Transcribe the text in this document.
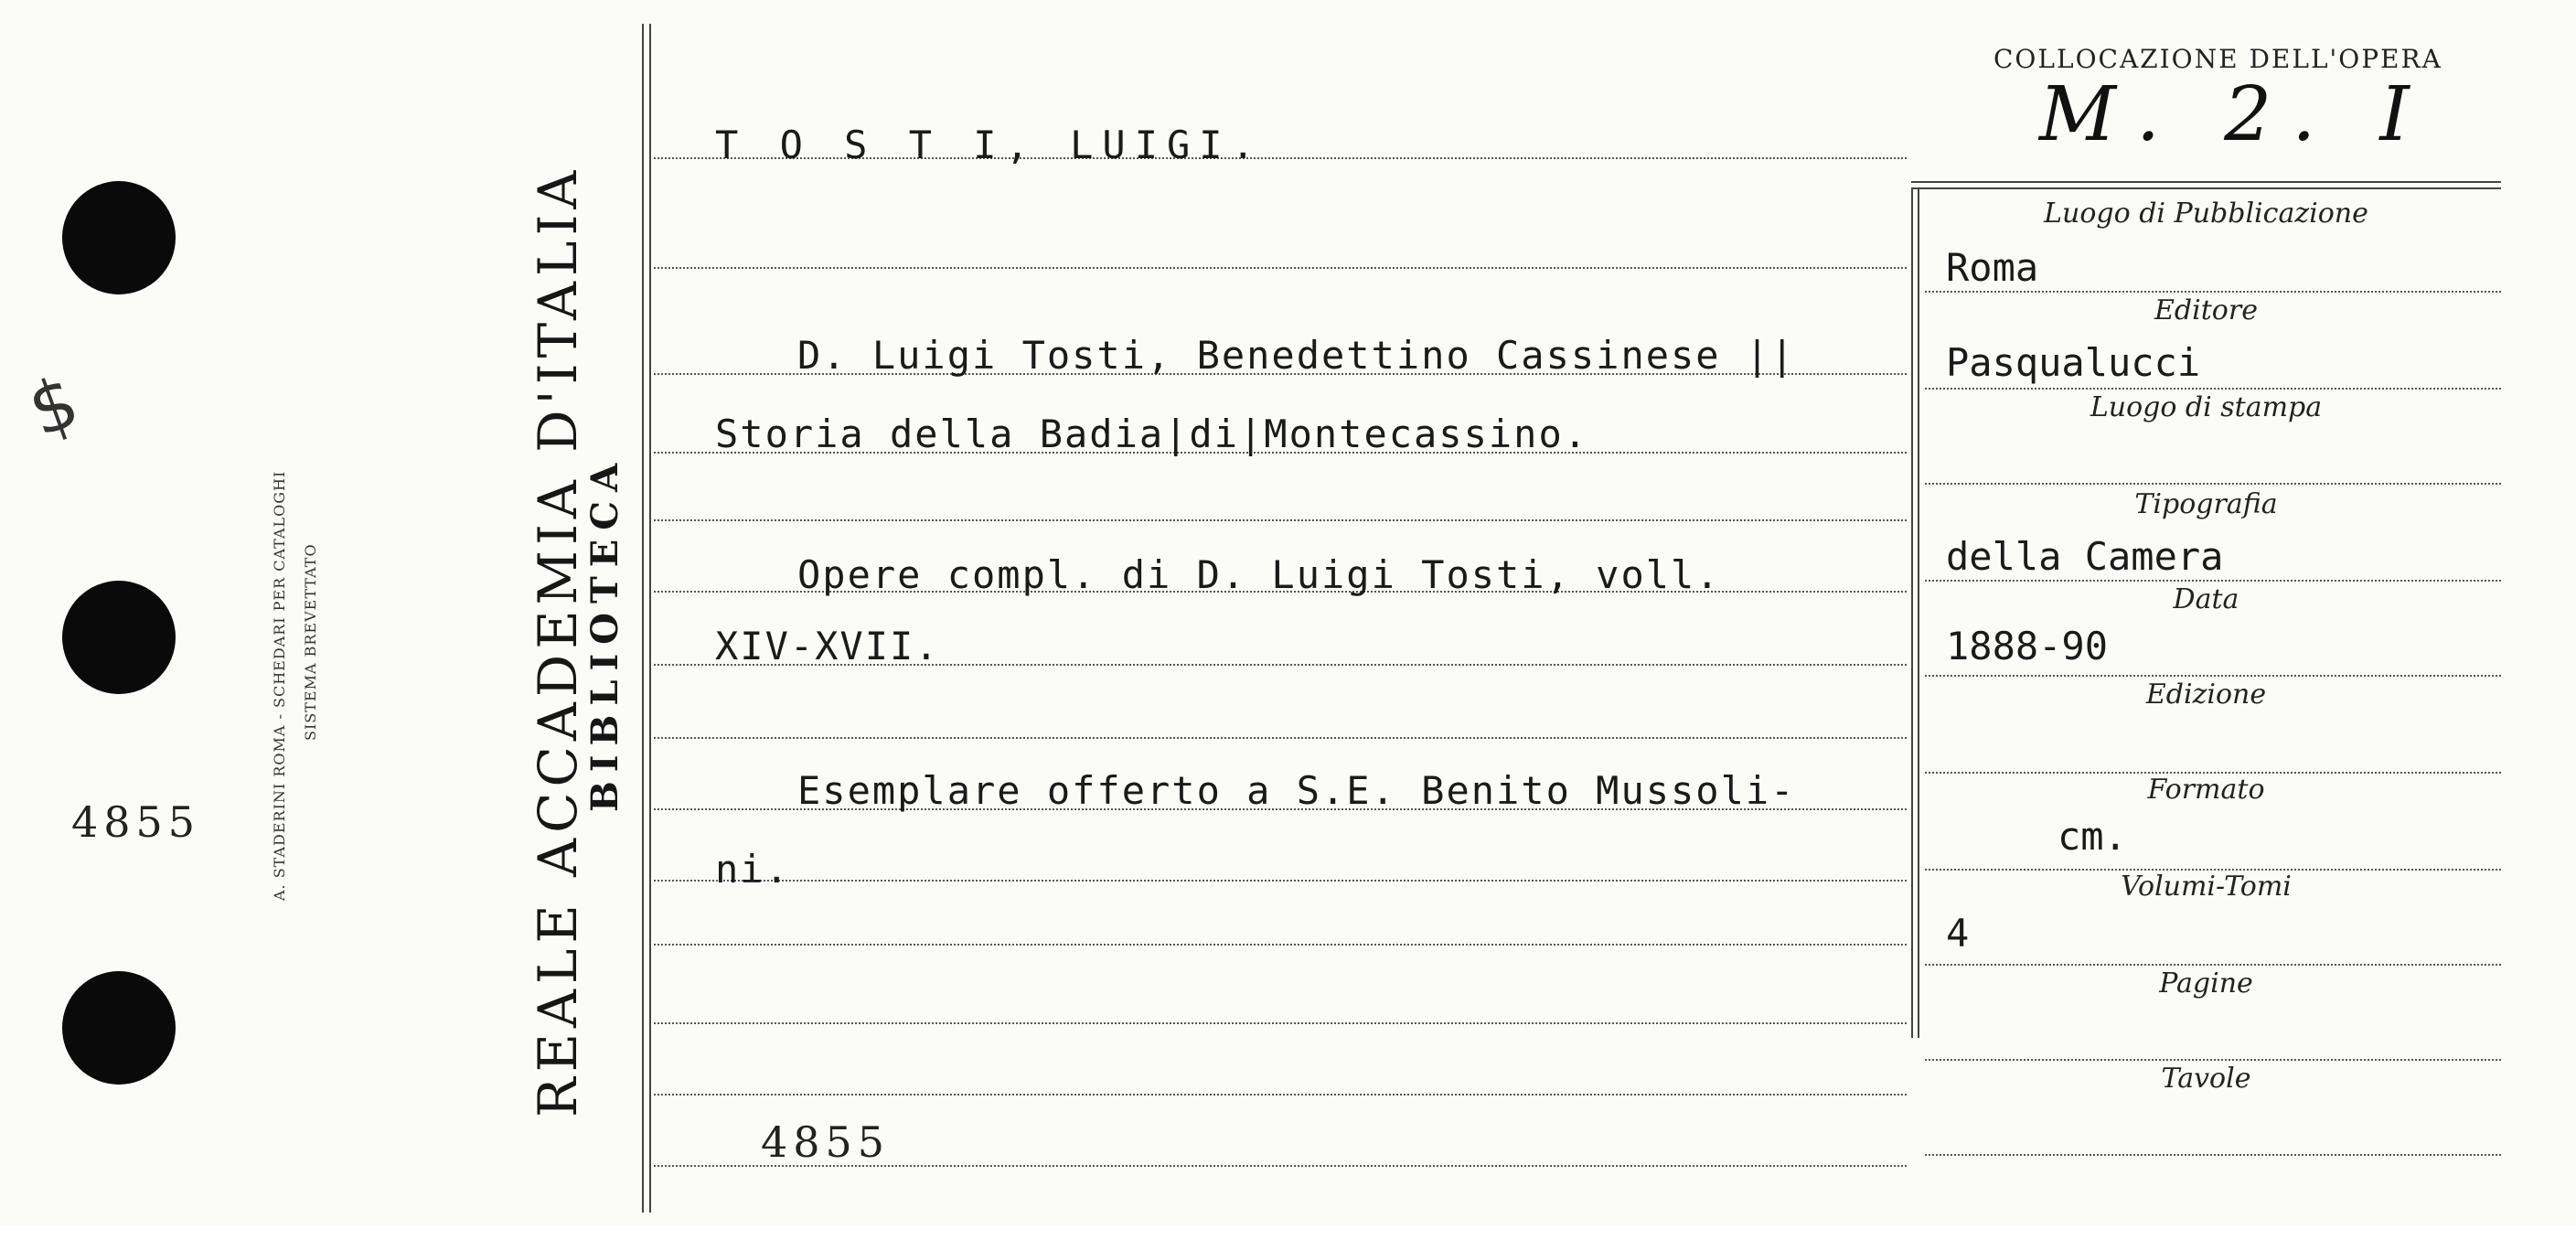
$
4855	A. STADERINI ROMA - SCHEDARI PER CATALOGHI SISTEMA BREVETTATO	REALE ACCADEMIA D'ITALIA
BIBLIOTECA
T O S T I, LUIGI.
D. Luigi Tosti, Benedettino Cassinese ||
Storia della Badia|di|Montecassino.
Opere compl. di D. Luigi Tosti, voll.
XIV-XVII.
Esemplare offerto a S.E. Benito Mussoli-
ni.
4855
COLLOCAZIONE DELL'OPERA
M. 2. I
Luogo di Pubblicazione
Roma
Editore
Pasqualucci
Luogo di stampa
Tipografia
della Camera
Data
1888-90
Edizione
Formato
cm.
Volumi-Tomi
4
Pagine
Tavole
